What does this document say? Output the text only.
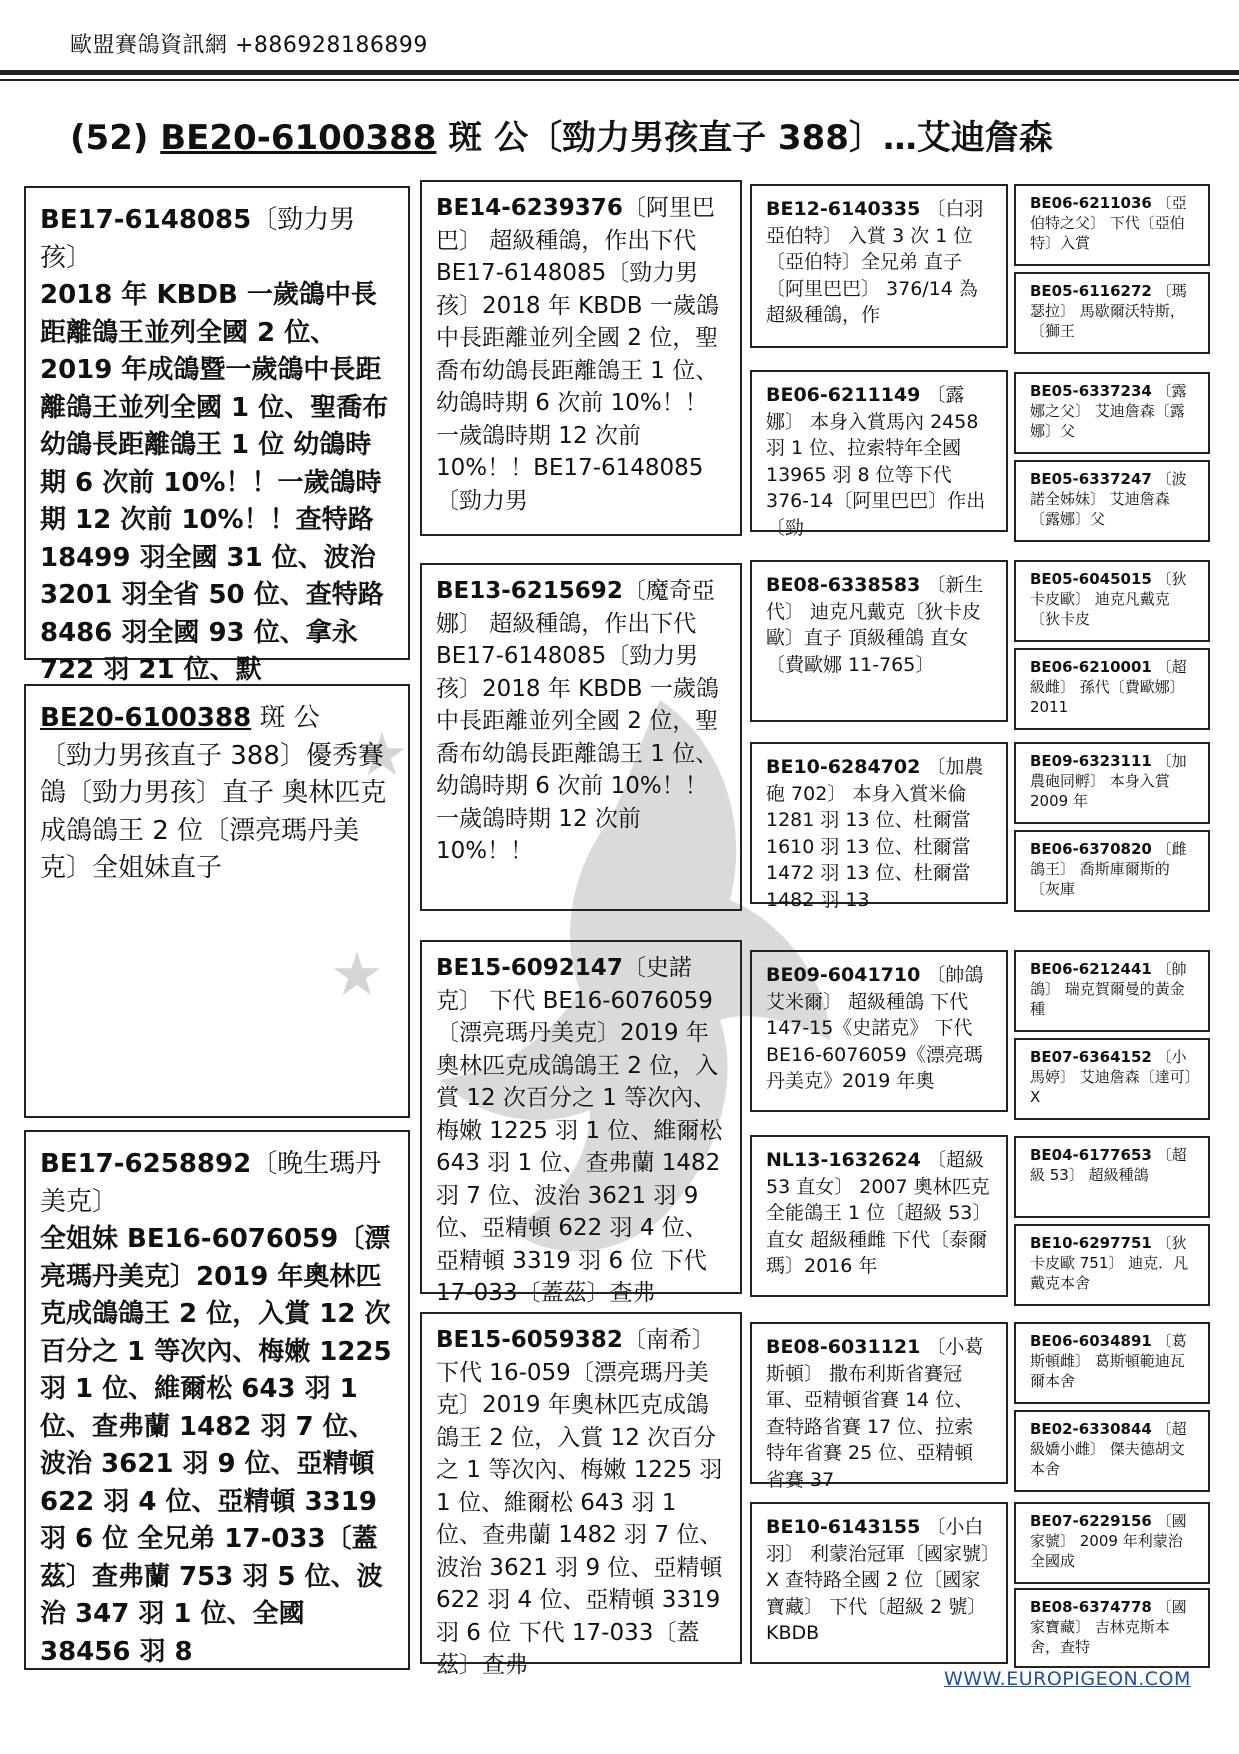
歐盟賽鴿資訊網 +886928186899
(52) BE20-6100388 斑 公〔勁力男孩直子 388〕…艾迪詹森
★
★

BE17-6148085〔勁力男孩〕

2018 年 KBDB 一歲鴿中長距離鴿王並列全國 2 位、2019 年成鴿暨一歲鴿中長距離鴿王並列全國 1 位、聖喬布幼鴿長距離鴿王 1 位 幼鴿時期 6 次前 10%！！一歲鴿時期 12 次前 10%！！查特路 18499 羽全國 31 位、波治 3201 羽全省 50 位、查特路 8486 羽全國 93 位、拿永 722 羽 21 位、默

BE20-6100388 斑 公

〔勁力男孩直子 388〕優秀賽鴿〔勁力男孩〕直子 奧林匹克成鴿鴿王 2 位〔漂亮瑪丹美克〕全姐妹直子

BE17-6258892〔晚生瑪丹美克〕

全姐妹 BE16-6076059〔漂亮瑪丹美克〕2019 年奧林匹克成鴿鴿王 2 位，入賞 12 次百分之 1 等次內、梅嫩 1225 羽 1 位、維爾松 643 羽 1 位、查弗蘭 1482 羽 7 位、波治 3621 羽 9 位、亞精頓 622 羽 4 位、亞精頓 3319 羽 6 位 全兄弟 17-033〔蓋茲〕查弗蘭 753 羽 5 位、波治 347 羽 1 位、全國 38456 羽 8

BE14-6239376〔阿里巴巴〕 超級種鴿，作出下代 BE17-6148085〔勁力男孩〕2018 年 KBDB 一歲鴿中長距離並列全國 2 位，聖喬布幼鴿長距離鴿王 1 位、幼鴿時期 6 次前 10%！！一歲鴿時期 12 次前 10%！！BE17-6148085〔勁力男

BE13-6215692〔魔奇亞娜〕 超級種鴿，作出下代 BE17-6148085〔勁力男孩〕2018 年 KBDB 一歲鴿中長距離並列全國 2 位，聖喬布幼鴿長距離鴿王 1 位、幼鴿時期 6 次前 10%！！一歲鴿時期 12 次前 10%！！

BE15-6092147〔史諾克〕 下代 BE16-6076059〔漂亮瑪丹美克〕2019 年奧林匹克成鴿鴿王 2 位，入賞 12 次百分之 1 等次內、梅嫩 1225 羽 1 位、維爾松 643 羽 1 位、查弗蘭 1482 羽 7 位、波治 3621 羽 9 位、亞精頓 622 羽 4 位、亞精頓 3319 羽 6 位 下代 17-033〔蓋茲〕查弗

BE15-6059382〔南希〕 下代 16-059〔漂亮瑪丹美克〕2019 年奧林匹克成鴿鴿王 2 位，入賞 12 次百分之 1 等次內、梅嫩 1225 羽 1 位、維爾松 643 羽 1 位、查弗蘭 1482 羽 7 位、波治 3621 羽 9 位、亞精頓 622 羽 4 位、亞精頓 3319 羽 6 位 下代 17-033〔蓋茲〕查弗

BE12-6140335 〔白羽亞伯特〕 入賞 3 次 1 位〔亞伯特〕全兄弟 直子〔阿里巴巴〕 376/14 為超級種鴿，作

BE06-6211149 〔露娜〕 本身入賞馬內 2458 羽 1 位、拉索特年全國 13965 羽 8 位等下代 376-14〔阿里巴巴〕作出〔勁

BE08-6338583 〔新生代〕 迪克凡戴克〔狄卡皮歐〕直子 頂級種鴿 直女〔費歐娜 11-765〕

BE10-6284702 〔加農砲 702〕 本身入賞米倫 1281 羽 13 位、杜爾當 1610 羽 13 位、杜爾當 1472 羽 13 位、杜爾當 1482 羽 13

BE09-6041710 〔帥鴿艾米爾〕 超級種鴿 下代 147-15《史諾克》 下代 BE16-6076059《漂亮瑪丹美克》2019 年奧

NL13-1632624 〔超級 53 直女〕 2007 奧林匹克全能鴿王 1 位〔超級 53〕直女 超級種雌 下代〔泰爾瑪〕2016 年

BE08-6031121 〔小葛斯頓〕 撒布利斯省賽冠軍、亞精頓省賽 14 位、查特路省賽 17 位、拉索特年省賽 25 位、亞精頓省賽 37

BE10-6143155 〔小白羽〕 利蒙治冠軍〔國家號〕X 查特路全國 2 位〔國家寶藏〕 下代〔超級 2 號〕KBDB

BE06-6211036 〔亞伯特之父〕 下代〔亞伯特〕入賞

BE05-6116272 〔瑪瑟拉〕 馬歇爾沃特斯，〔獅王

BE05-6337234 〔露娜之父〕 艾迪詹森〔露娜〕父

BE05-6337247 〔波諾全姊妹〕 艾迪詹森〔露娜〕父

BE05-6045015 〔狄卡皮歐〕 迪克凡戴克〔狄卡皮

BE06-6210001 〔超級雌〕 孫代〔費歐娜〕2011

BE09-6323111 〔加農砲同孵〕 本身入賞 2009 年

BE06-6370820 〔雌鴿王〕 喬斯庫爾斯的〔灰庫

BE06-6212441 〔帥鴿〕 瑞克賀爾曼的黃金種

BE07-6364152 〔小馬婷〕 艾迪詹森〔達可〕X

BE04-6177653 〔超級 53〕 超級種鴿

BE10-6297751 〔狄卡皮歐 751〕 迪克．凡戴克本舍

BE06-6034891 〔葛斯頓雌〕 葛斯頓範迪瓦爾本舍

BE02-6330844 〔超級嬌小雌〕 傑夫德胡文本舍

BE07-6229156 〔國家號〕 2009 年利蒙治全國成

BE08-6374778 〔國家寶藏〕 吉林克斯本舍，查特

WWW.EUROPIGEON.COM
